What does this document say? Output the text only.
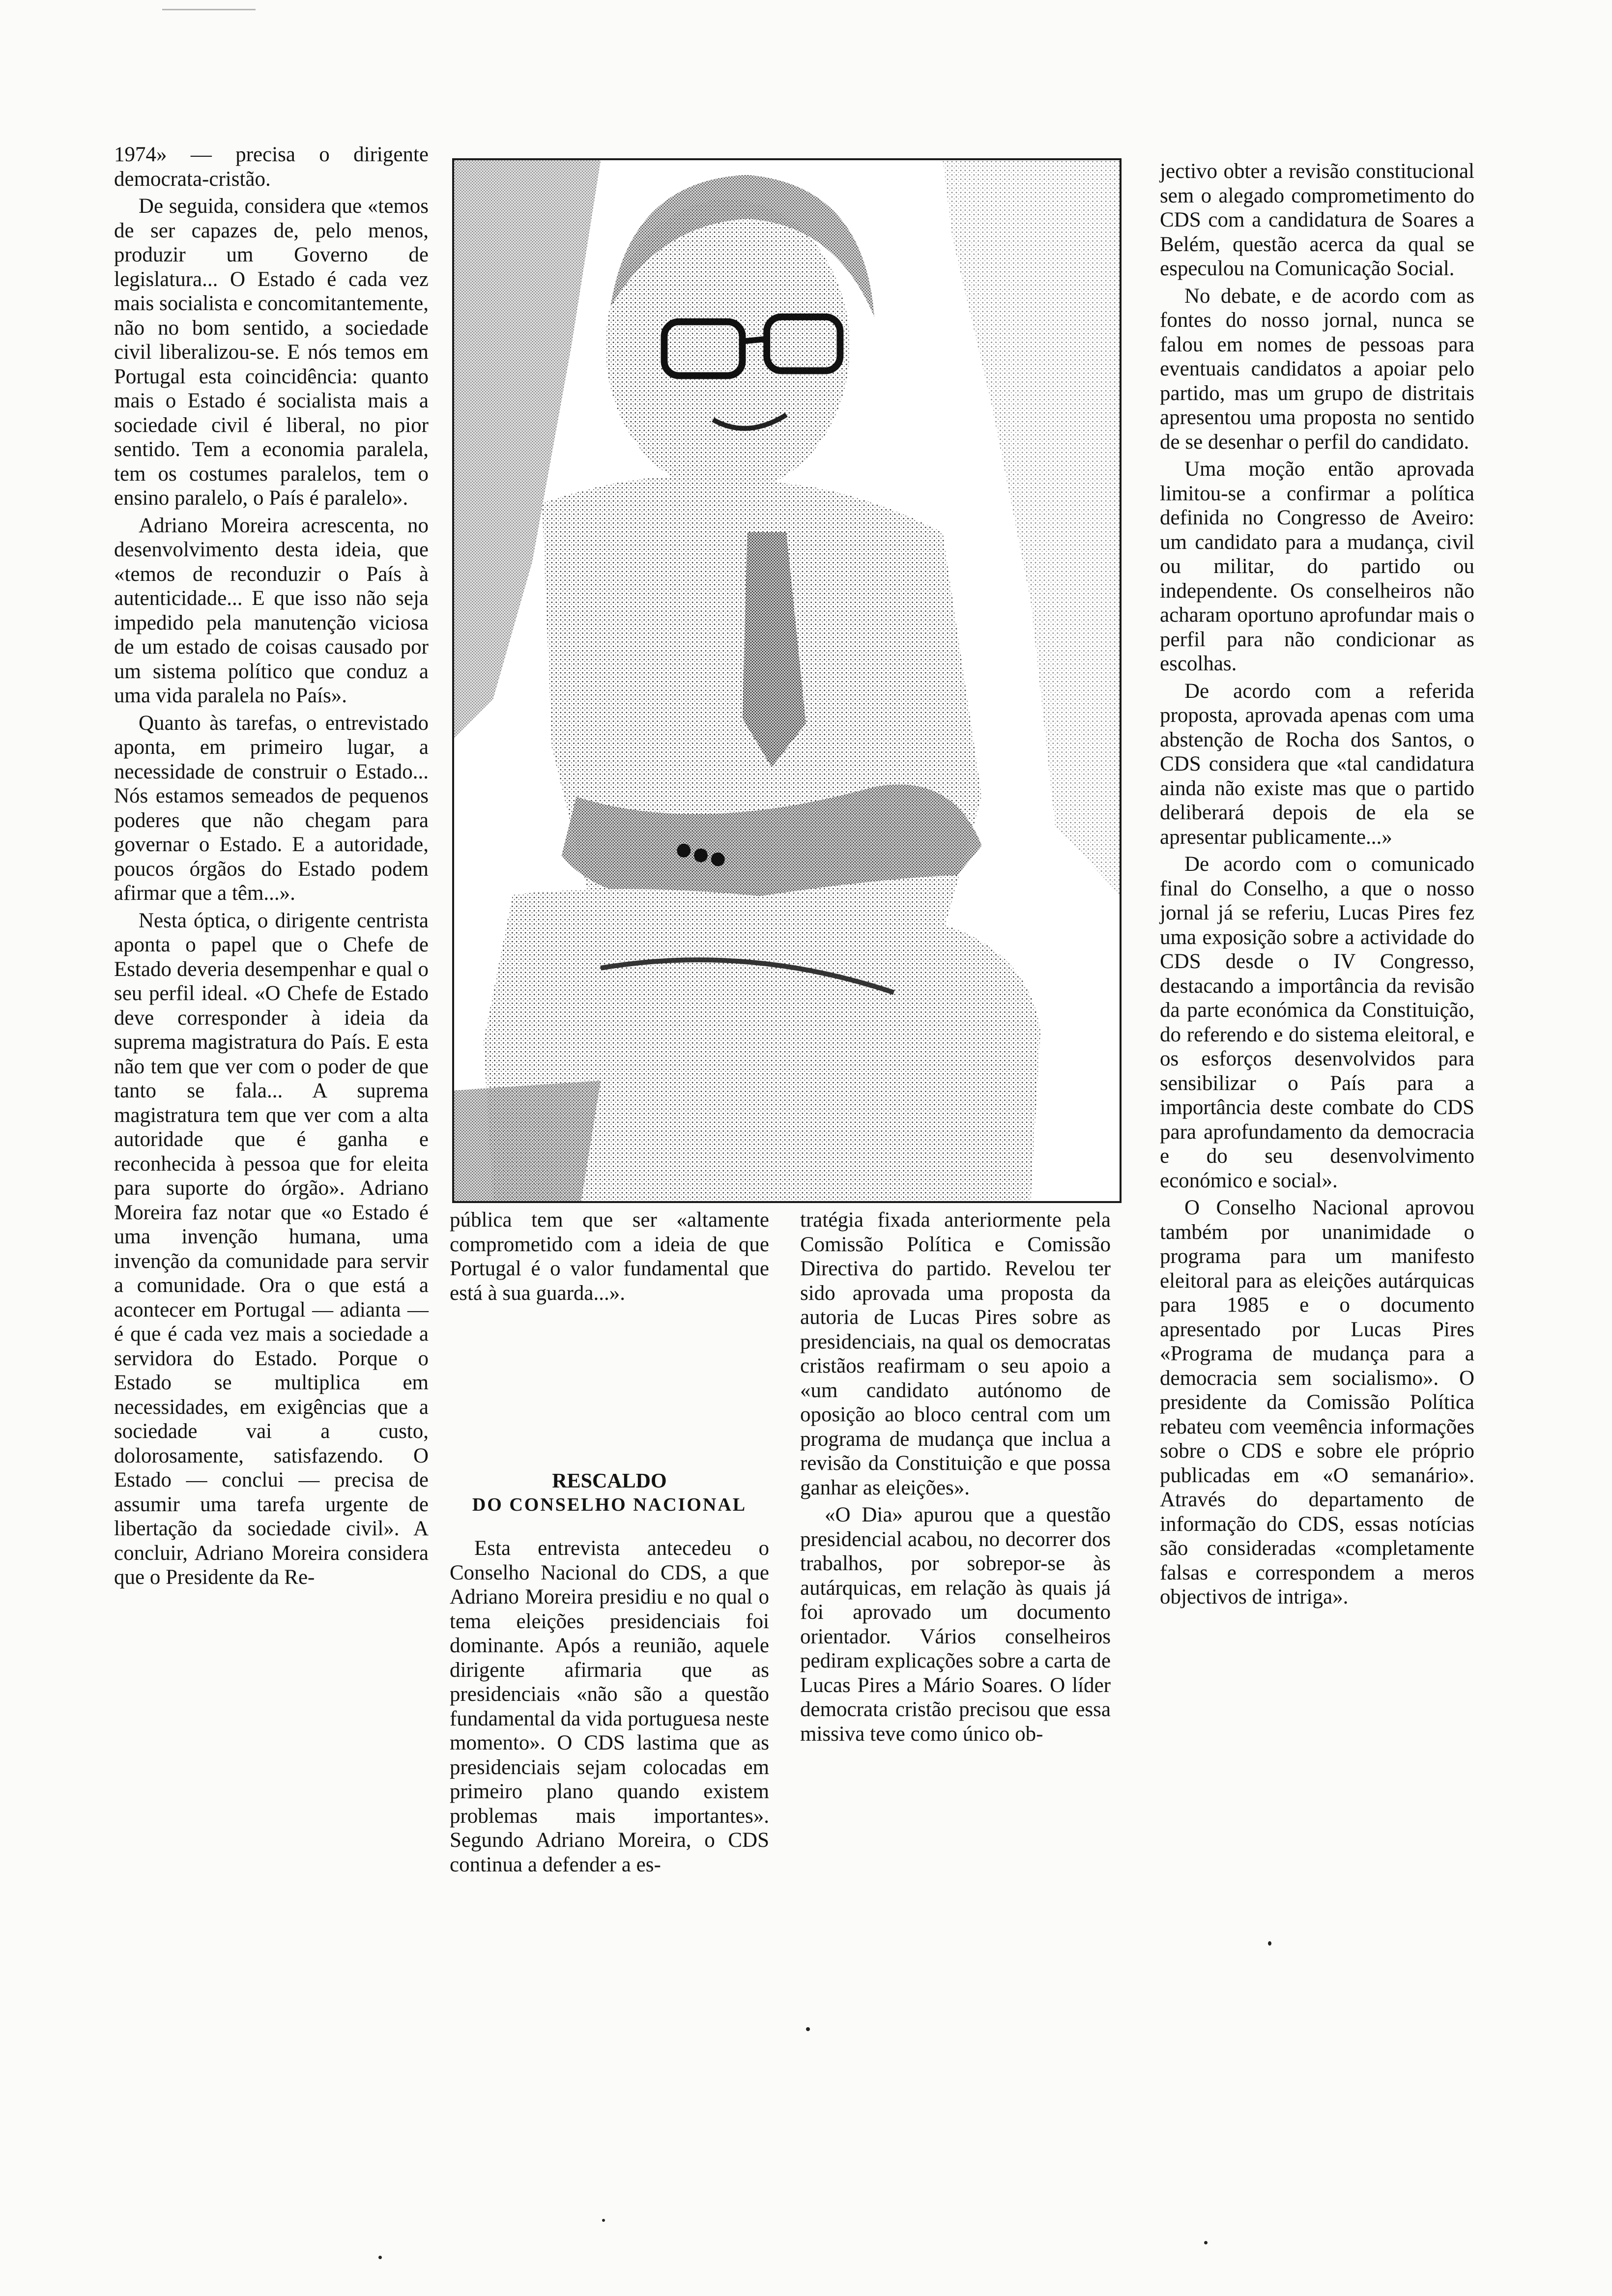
1974» — precisa o dirigente democrata-cristão.

De seguida, considera que «temos de ser capazes de, pelo menos, produzir um Governo de legislatura... O Estado é cada vez mais socialista e concomitantemente, não no bom sentido, a sociedade civil liberalizou-se. E nós temos em Portugal esta coincidência: quanto mais o Estado é socialista mais a sociedade civil é liberal, no pior sentido. Tem a economia paralela, tem os costumes paralelos, tem o ensino paralelo, o País é paralelo».

Adriano Moreira acrescenta, no desenvolvimento desta ideia, que «temos de reconduzir o País à autenticidade... E que isso não seja impedido pela manutenção viciosa de um estado de coisas causado por um sistema político que conduz a uma vida paralela no País».

Quanto às tarefas, o entrevistado aponta, em primeiro lugar, a necessidade de construir o Estado... Nós estamos semeados de pequenos poderes que não chegam para governar o Estado. E a autoridade, poucos órgãos do Estado podem afirmar que a têm...».

Nesta óptica, o dirigente centrista aponta o papel que o Chefe de Estado deveria desempenhar e qual o seu perfil ideal. «O Chefe de Estado deve corresponder à ideia da suprema magistratura do País. E esta não tem que ver com o poder de que tanto se fala... A suprema magistratura tem que ver com a alta autoridade que é ganha e reconhecida à pessoa que for eleita para suporte do órgão». Adriano Moreira faz notar que «o Estado é uma invenção humana, uma invenção da comunidade para servir a comunidade. Ora o que está a acontecer em Portugal — adianta — é que é cada vez mais a sociedade a servidora do Estado. Porque o Estado se multiplica em necessidades, em exigências que a sociedade vai a custo, dolorosamente, satisfazendo. O Estado — conclui — precisa de assumir uma tarefa urgente de libertação da sociedade civil». A concluir, Adriano Moreira considera que o Presidente da Re-

pública tem que ser «altamente comprometido com a ideia de que Portugal é o valor fundamental que está à sua guarda...».

RESCALDO
DO CONSELHO NACIONAL

Esta entrevista antecedeu o Conselho Nacional do CDS, a que Adriano Moreira presidiu e no qual o tema eleições presidenciais foi dominante. Após a reunião, aquele dirigente afirmaria que as presidenciais «não são a questão fundamental da vida portuguesa neste momento». O CDS lastima que as presidenciais sejam colocadas em primeiro plano quando existem problemas mais importantes». Segundo Adriano Moreira, o CDS continua a defender a es-

tratégia fixada anteriormente pela Comissão Política e Comissão Directiva do partido. Revelou ter sido aprovada uma proposta da autoria de Lucas Pires sobre as presidenciais, na qual os democratas cristãos reafirmam o seu apoio a «um candidato autónomo de oposição ao bloco central com um programa de mudança que inclua a revisão da Constituição e que possa ganhar as eleições».

«O Dia» apurou que a questão presidencial acabou, no decorrer dos trabalhos, por sobrepor-se às autárquicas, em relação às quais já foi aprovado um documento orientador. Vários conselheiros pediram explicações sobre a carta de Lucas Pires a Mário Soares. O líder democrata cristão precisou que essa missiva teve como único ob-

jectivo obter a revisão constitucional sem o alegado comprometimento do CDS com a candidatura de Soares a Belém, questão acerca da qual se especulou na Comunicação Social.

No debate, e de acordo com as fontes do nosso jornal, nunca se falou em nomes de pessoas para eventuais candidatos a apoiar pelo partido, mas um grupo de distritais apresentou uma proposta no sentido de se desenhar o perfil do candidato.

Uma moção então aprovada limitou-se a confirmar a política definida no Congresso de Aveiro: um candidato para a mudança, civil ou militar, do partido ou independente. Os conselheiros não acharam oportuno aprofundar mais o perfil para não condicionar as escolhas.

De acordo com a referida proposta, aprovada apenas com uma abstenção de Rocha dos Santos, o CDS considera que «tal candidatura ainda não existe mas que o partido deliberará depois de ela se apresentar publicamente...»

De acordo com o comunicado final do Conselho, a que o nosso jornal já se referiu, Lucas Pires fez uma exposição sobre a actividade do CDS desde o IV Congresso, destacando a importância da revisão da parte económica da Constituição, do referendo e do sistema eleitoral, e os esforços desenvolvidos para sensibilizar o País para a importância deste combate do CDS para aprofundamento da democracia e do seu desenvolvimento económico e social».

O Conselho Nacional aprovou também por unanimidade o programa para um manifesto eleitoral para as eleições autárquicas para 1985 e o documento apresentado por Lucas Pires «Programa de mudança para a democracia sem socialismo». O presidente da Comissão Política rebateu com veemência informações sobre o CDS e sobre ele próprio publicadas em «O semanário». Através do departamento de informação do CDS, essas notícias são consideradas «completamente falsas e correspondem a meros objectivos de intriga».
